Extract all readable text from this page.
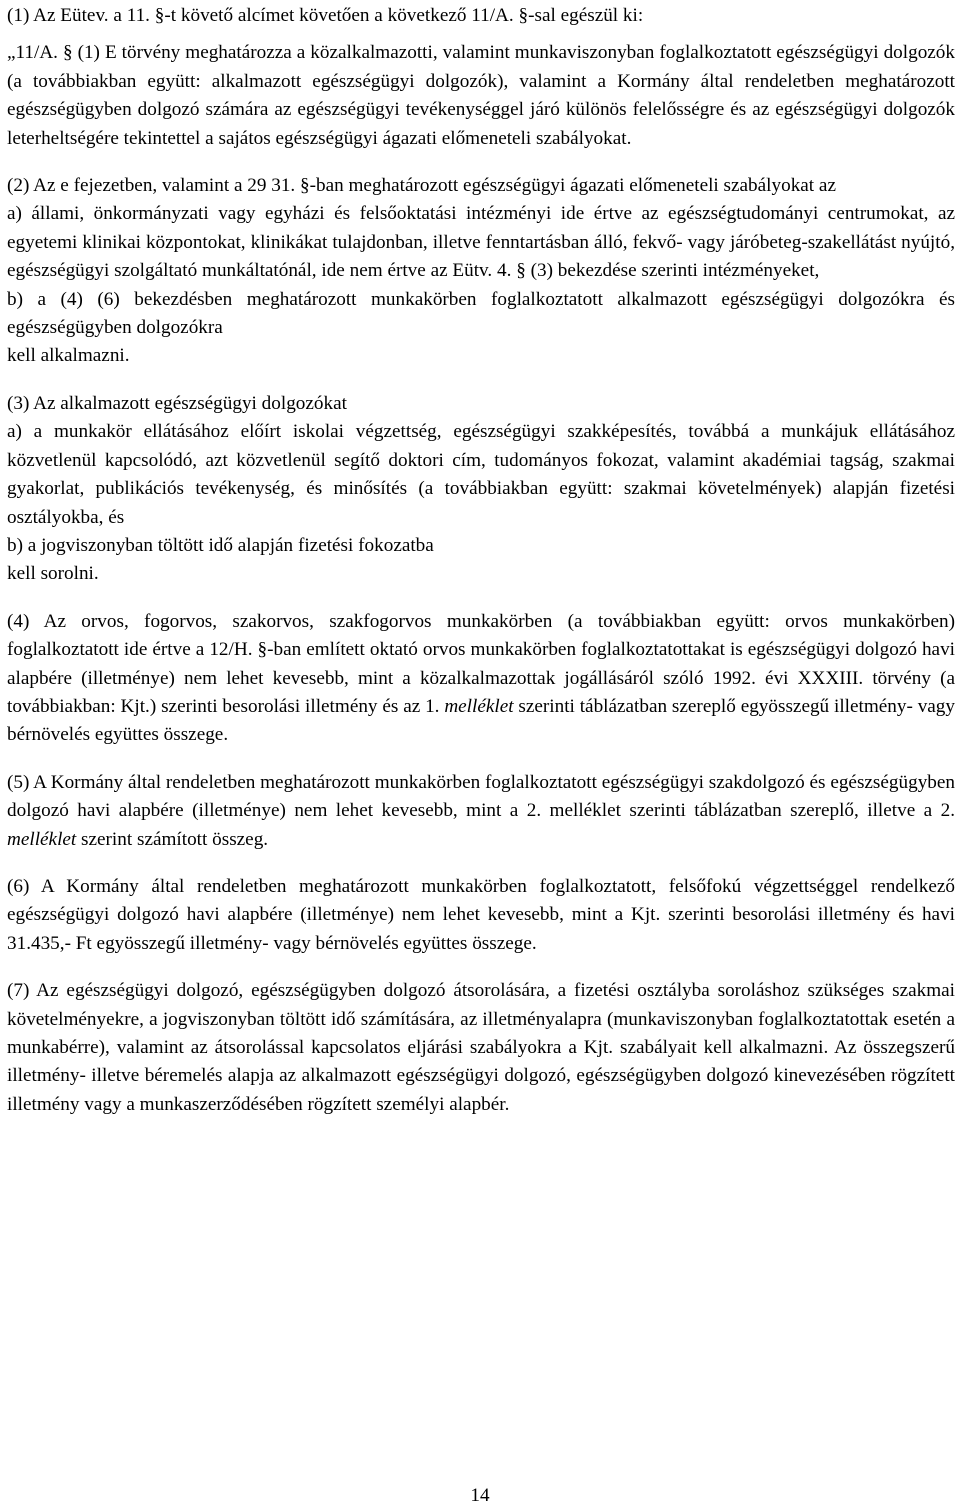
(1) Az Eütev. a 11. §-t követő alcímet követően a következő 11/A. §-sal egészül ki:

„11/A. § (1) E törvény meghatározza a közalkalmazotti, valamint munkaviszonyban foglalkoztatott egészségügyi dolgozók (a továbbiakban együtt: alkalmazott egészségügyi dolgozók), valamint a Kormány által rendeletben meghatározott egészségügyben dolgozó számára az egészségügyi tevékenységgel járó különös felelősségre és az egészségügyi dolgozók leterheltségére tekintettel a sajátos egészségügyi ágazati előmeneteli szabályokat.

(2) Az e fejezetben, valamint a 29 31. §-ban meghatározott egészségügyi ágazati előmeneteli szabályokat az

a) állami, önkormányzati vagy egyházi és felsőoktatási intézményi ide értve az egészségtudományi centrumokat, az egyetemi klinikai központokat, klinikákat tulajdonban, illetve fenntartásban álló, fekvő- vagy járóbeteg-szakellátást nyújtó, egészségügyi szolgáltató munkáltatónál, ide nem értve az Eütv. 4. § (3) bekezdése szerinti intézményeket,

b) a (4) (6) bekezdésben meghatározott munkakörben foglalkoztatott alkalmazott egészségügyi dolgozókra és egészségügyben dolgozókra

kell alkalmazni.

(3) Az alkalmazott egészségügyi dolgozókat

a) a munkakör ellátásához előírt iskolai végzettség, egészségügyi szakképesítés, továbbá a munkájuk ellátásához közvetlenül kapcsolódó, azt közvetlenül segítő doktori cím, tudományos fokozat, valamint akadémiai tagság, szakmai gyakorlat, publikációs tevékenység, és minősítés (a továbbiakban együtt: szakmai követelmények) alapján fizetési osztályokba, és

b) a jogviszonyban töltött idő alapján fizetési fokozatba

kell sorolni.

(4) Az orvos, fogorvos, szakorvos, szakfogorvos munkakörben (a továbbiakban együtt: orvos munkakörben) foglalkoztatott ide értve a 12/H. §-ban említett oktató orvos munkakörben foglalkoztatottakat is egészségügyi dolgozó havi alapbére (illetménye) nem lehet kevesebb, mint a közalkalmazottak jogállásáról szóló 1992. évi XXXIII. törvény (a továbbiakban: Kjt.) szerinti besorolási illetmény és az 1. melléklet szerinti táblázatban szereplő egyösszegű illetmény- vagy bérnövelés együttes összege.

(5) A Kormány által rendeletben meghatározott munkakörben foglalkoztatott egészségügyi szakdolgozó és egészségügyben dolgozó havi alapbére (illetménye) nem lehet kevesebb, mint a 2. melléklet szerinti táblázatban szereplő, illetve a 2. melléklet szerint számított összeg.

(6) A Kormány által rendeletben meghatározott munkakörben foglalkoztatott, felsőfokú végzettséggel rendelkező egészségügyi dolgozó havi alapbére (illetménye) nem lehet kevesebb, mint a Kjt. szerinti besorolási illetmény és havi 31.435,- Ft egyösszegű illetmény- vagy bérnövelés együttes összege.

(7) Az egészségügyi dolgozó, egészségügyben dolgozó átsorolására, a fizetési osztályba soroláshoz szükséges szakmai követelményekre, a jogviszonyban töltött idő számítására, az illetményalapra (munkaviszonyban foglalkoztatottak esetén a munkabérre), valamint az átsorolással kapcsolatos eljárási szabályokra a Kjt. szabályait kell alkalmazni. Az összegszerű illetmény- illetve béremelés alapja az alkalmazott egészségügyi dolgozó, egészségügyben dolgozó kinevezésében rögzített illetmény vagy a munkaszerződésében rögzített személyi alapbér.

14
